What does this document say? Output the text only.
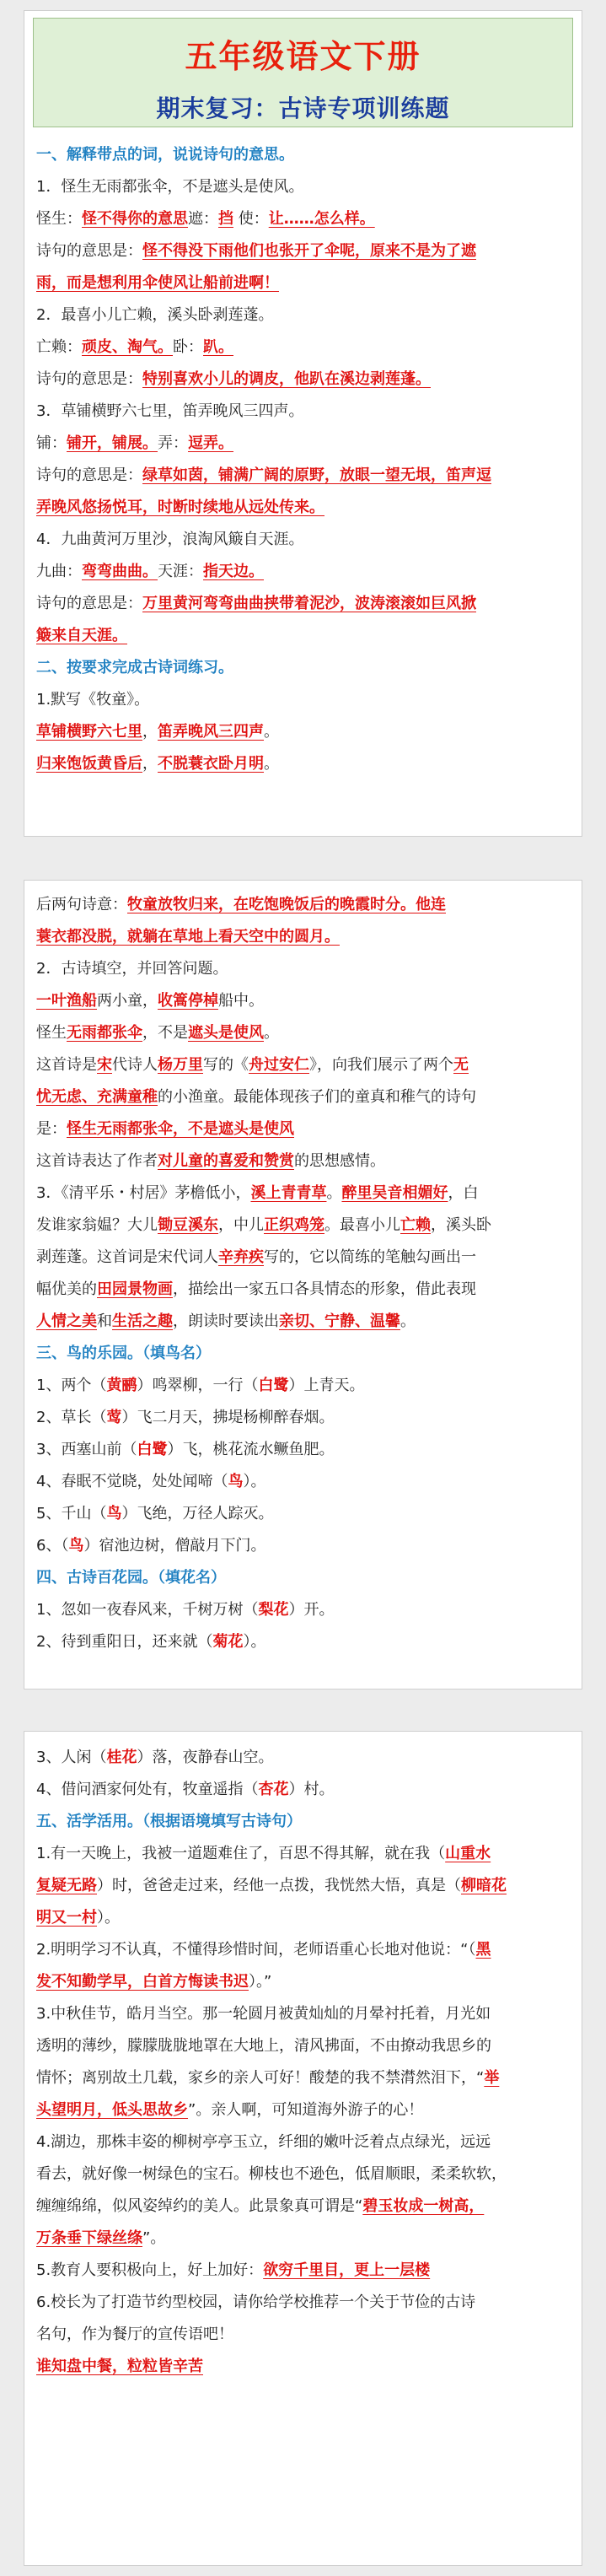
五年级语文下册
期末复习：古诗专项训练题
一、解释带点的词，说说诗句的意思。
1．怪生无雨都张伞，不是遮头是使风。
怪生：怪不得你的意思遮：挡 使：让……怎么样。
诗句的意思是：怪不得没下雨他们也张开了伞呢，原来不是为了遮
雨，而是想利用伞使风让船前进啊！
2．最喜小儿亡赖，溪头卧剥莲蓬。
亡赖：顽皮、淘气。卧：趴。
诗句的意思是：特别喜欢小儿的调皮，他趴在溪边剥莲蓬。
3．草铺横野六七里，笛弄晚风三四声。
铺：铺开，铺展。弄：逗弄。
诗句的意思是：绿草如茵，铺满广阔的原野，放眼一望无垠，笛声逗
弄晚风悠扬悦耳，时断时续地从远处传来。
4．九曲黄河万里沙，浪淘风簸自天涯。
九曲：弯弯曲曲。天涯：指天边。
诗句的意思是：万里黄河弯弯曲曲挟带着泥沙，波涛滚滚如巨风掀
簸来自天涯。
二、按要求完成古诗词练习。
1.默写《牧童》。
草铺横野六七里，笛弄晚风三四声。
归来饱饭黄昏后，不脱蓑衣卧月明。
后两句诗意：牧童放牧归来，在吃饱晚饭后的晚霞时分。他连
蓑衣都没脱，就躺在草地上看天空中的圆月。
2．古诗填空，并回答问题。
一叶渔船两小童，收篙停棹船中。
怪生无雨都张伞，不是遮头是使风。
这首诗是宋代诗人杨万里写的《舟过安仁》，向我们展示了两个无
忧无虑、充满童稚的小渔童。最能体现孩子们的童真和稚气的诗句
是：怪生无雨都张伞，不是遮头是使风
这首诗表达了作者对儿童的喜爱和赞赏的思想感情。
3．《清平乐・村居》茅檐低小，溪上青青草。醉里吴音相媚好，白
发谁家翁媪？大儿锄豆溪东，中儿正织鸡笼。最喜小儿亡赖，溪头卧
剥莲蓬。这首词是宋代词人辛弃疾写的，它以简练的笔触勾画出一
幅优美的田园景物画，描绘出一家五口各具情态的形象，借此表现
人情之美和生活之趣，朗读时要读出亲切、宁静、温馨。
三、鸟的乐园。（填鸟名）
1、两个（黄鹂）鸣翠柳，一行（白鹭）上青天。
2、草长（莺）飞二月天，拂堤杨柳醉春烟。
3、西塞山前（白鹭）飞，桃花流水鳜鱼肥。
4、春眠不觉晓，处处闻啼（鸟）。
5、千山（鸟）飞绝，万径人踪灭。
6、（鸟）宿池边树，僧敲月下门。
四、古诗百花园。（填花名）
1、忽如一夜春风来，千树万树（梨花）开。
2、待到重阳日，还来就（菊花）。
3、人闲（桂花）落，夜静春山空。
4、借问酒家何处有，牧童遥指（杏花）村。
五、活学活用。（根据语境填写古诗句）
1.有一天晚上，我被一道题难住了，百思不得其解，就在我（山重水
复疑无路）时，爸爸走过来，经他一点拨，我恍然大悟，真是（柳暗花
明又一村）。
2.明明学习不认真，不懂得珍惜时间，老师语重心长地对他说：“（黑
发不知勤学早，白首方悔读书迟）。”
3.中秋佳节，皓月当空。那一轮圆月被黄灿灿的月晕衬托着，月光如
透明的薄纱，朦朦胧胧地罩在大地上，清风拂面，不由撩动我思乡的
情怀；离别故土几载，家乡的亲人可好！酸楚的我不禁潸然泪下，“举
头望明月，低头思故乡”。亲人啊，可知道海外游子的心！
4.湖边，那株丰姿的柳树亭亭玉立，纤细的嫩叶泛着点点绿光，远远
看去，就好像一树绿色的宝石。柳枝也不逊色，低眉顺眼，柔柔软软，
缠缠绵绵，似风姿绰约的美人。此景象真可谓是“碧玉妆成一树高，
万条垂下绿丝绦”。
5.教育人要积极向上，好上加好：欲穷千里目，更上一层楼
6.校长为了打造节约型校园，请你给学校推荐一个关于节俭的古诗
名句，作为餐厅的宣传语吧！
谁知盘中餐，粒粒皆辛苦
